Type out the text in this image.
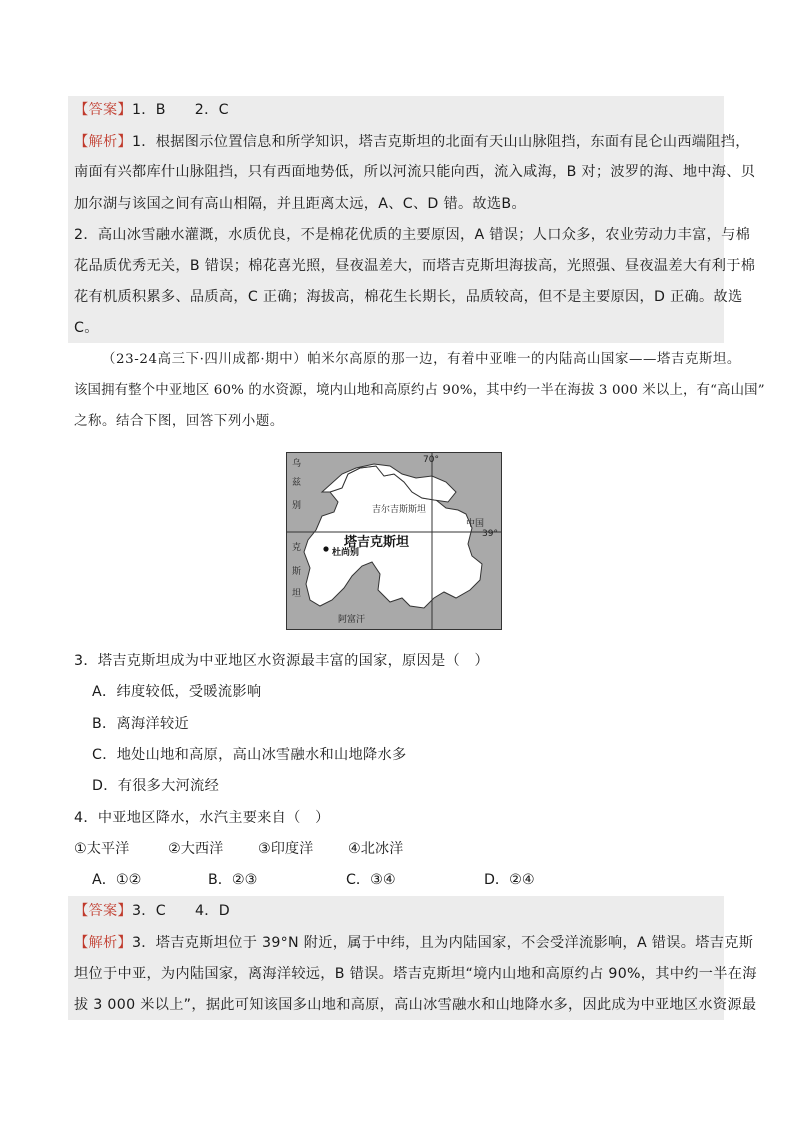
【答案】1．B　　2．C
【解析】1．根据图示位置信息和所学知识，塔吉克斯坦的北面有天山山脉阻挡，东面有昆仑山西端阻挡，
南面有兴都库什山脉阻挡，只有西面地势低，所以河流只能向西，流入咸海，B 对；波罗的海、地中海、贝
加尔湖与该国之间有高山相隔，并且距离太远，A、C、D 错。故选B。
2．高山冰雪融水灌溉，水质优良，不是棉花优质的主要原因，A 错误；人口众多，农业劳动力丰富，与棉
花品质优秀无关，B 错误；棉花喜光照，昼夜温差大，而塔吉克斯坦海拔高，光照强、昼夜温差大有利于棉
花有机质积累多、品质高，C 正确；海拔高，棉花生长期长，品质较高，但不是主要原因，D 正确。故选
C。
（23-24高三下·四川成都·期中）帕米尔高原的那一边，有着中亚唯一的内陆高山国家——塔吉克斯坦。
该国拥有整个中亚地区 60% 的水资源，境内山地和高原约占 90%，其中约一半在海拔 3 000 米以上，有“高山国”
之称。结合下图，回答下列小题。
70°
39°
塔吉克斯坦
杜尚别
吉尔吉斯斯坦
中国
阿富汗
乌
兹
别
克
斯
坦
3．塔吉克斯坦成为中亚地区水资源最丰富的国家，原因是（　）
A．纬度较低，受暖流影响
B．离海洋较近
C．地处山地和高原，高山冰雪融水和山地降水多
D．有很多大河流经
4．中亚地区降水，水汽主要来自（　）
①太平洋	②大西洋 ③印度洋 ④北冰洋
A．①②	B．②③	C．③④	D．②④
【答案】3．C　　4．D
【解析】3．塔吉克斯坦位于 39°N 附近，属于中纬，且为内陆国家，不会受洋流影响，A 错误。塔吉克斯
坦位于中亚，为内陆国家，离海洋较远，B 错误。塔吉克斯坦“境内山地和高原约占 90%，其中约一半在海
拔 3 000 米以上”，据此可知该国多山地和高原，高山冰雪融水和山地降水多，因此成为中亚地区水资源最
